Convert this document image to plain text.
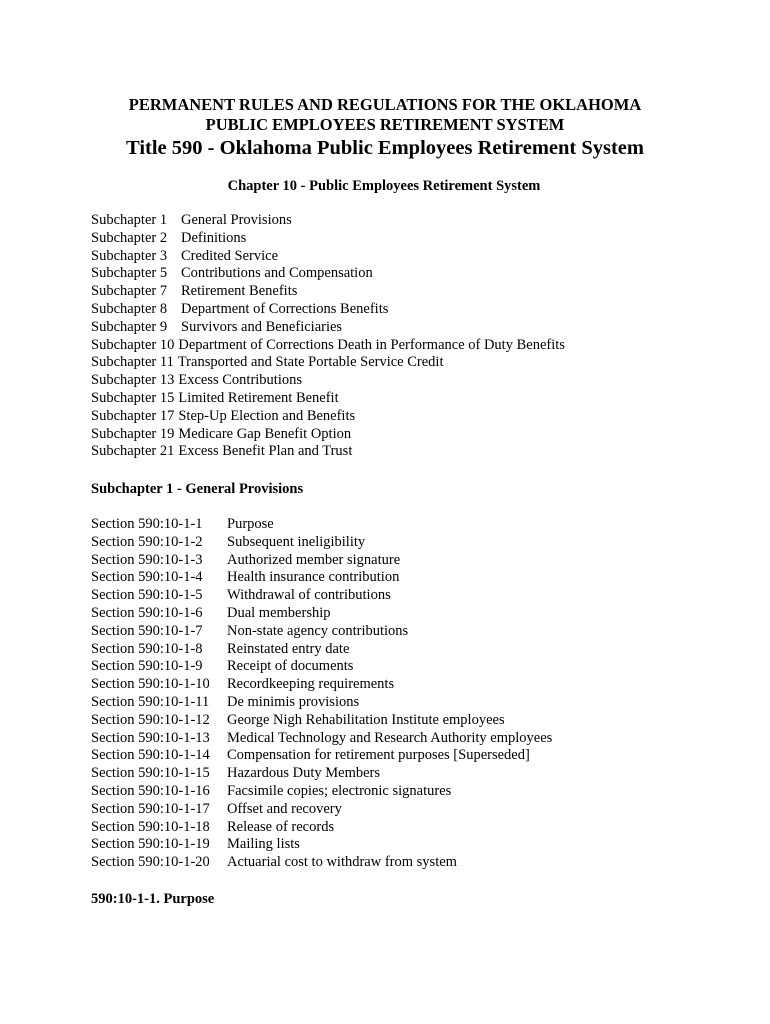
PERMANENT RULES AND REGULATIONS FOR THE OKLAHOMA
PUBLIC EMPLOYEES RETIREMENT SYSTEM
Title 590 - Oklahoma Public Employees Retirement System
Chapter 10 - Public Employees Retirement System
Subchapter 1 General Provisions
Subchapter 2 Definitions
Subchapter 3 Credited Service
Subchapter 5 Contributions and Compensation
Subchapter 7 Retirement Benefits
Subchapter 8 Department of Corrections Benefits
Subchapter 9 Survivors and Beneficiaries
Subchapter 10 Department of Corrections Death in Performance of Duty Benefits
Subchapter 11 Transported and State Portable Service Credit
Subchapter 13 Excess Contributions
Subchapter 15 Limited Retirement Benefit
Subchapter 17 Step-Up Election and Benefits
Subchapter 19 Medicare Gap Benefit Option
Subchapter 21 Excess Benefit Plan and Trust
Subchapter 1 - General Provisions
Section 590:10-1-1 Purpose
Section 590:10-1-2 Subsequent ineligibility
Section 590:10-1-3 Authorized member signature
Section 590:10-1-4 Health insurance contribution
Section 590:10-1-5 Withdrawal of contributions
Section 590:10-1-6 Dual membership
Section 590:10-1-7 Non-state agency contributions
Section 590:10-1-8 Reinstated entry date
Section 590:10-1-9 Receipt of documents
Section 590:10-1-10 Recordkeeping requirements
Section 590:10-1-11 De minimis provisions
Section 590:10-1-12 George Nigh Rehabilitation Institute employees
Section 590:10-1-13 Medical Technology and Research Authority employees
Section 590:10-1-14 Compensation for retirement purposes [Superseded]
Section 590:10-1-15 Hazardous Duty Members
Section 590:10-1-16 Facsimile copies; electronic signatures
Section 590:10-1-17 Offset and recovery
Section 590:10-1-18 Release of records
Section 590:10-1-19 Mailing lists
Section 590:10-1-20 Actuarial cost to withdraw from system
590:10-1-1. Purpose
